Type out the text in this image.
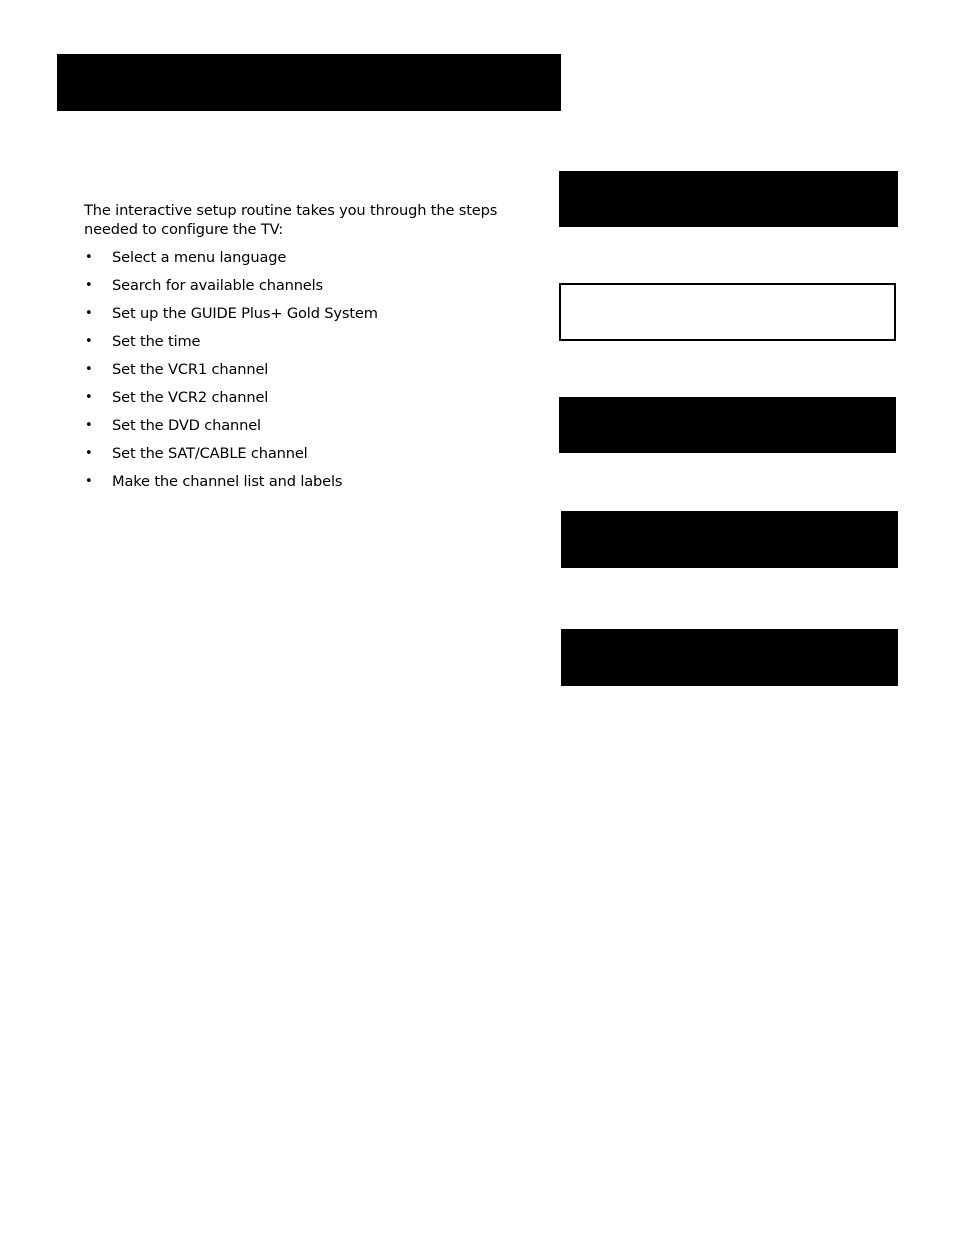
The interactive setup routine takes you through the steps needed to configure the TV:

• Select a menu language
• Search for available channels
• Set up the GUIDE Plus+ Gold System
• Set the time
• Set the VCR1 channel
• Set the VCR2 channel
• Set the DVD channel
• Set the SAT/CABLE channel
• Make the channel list and labels
